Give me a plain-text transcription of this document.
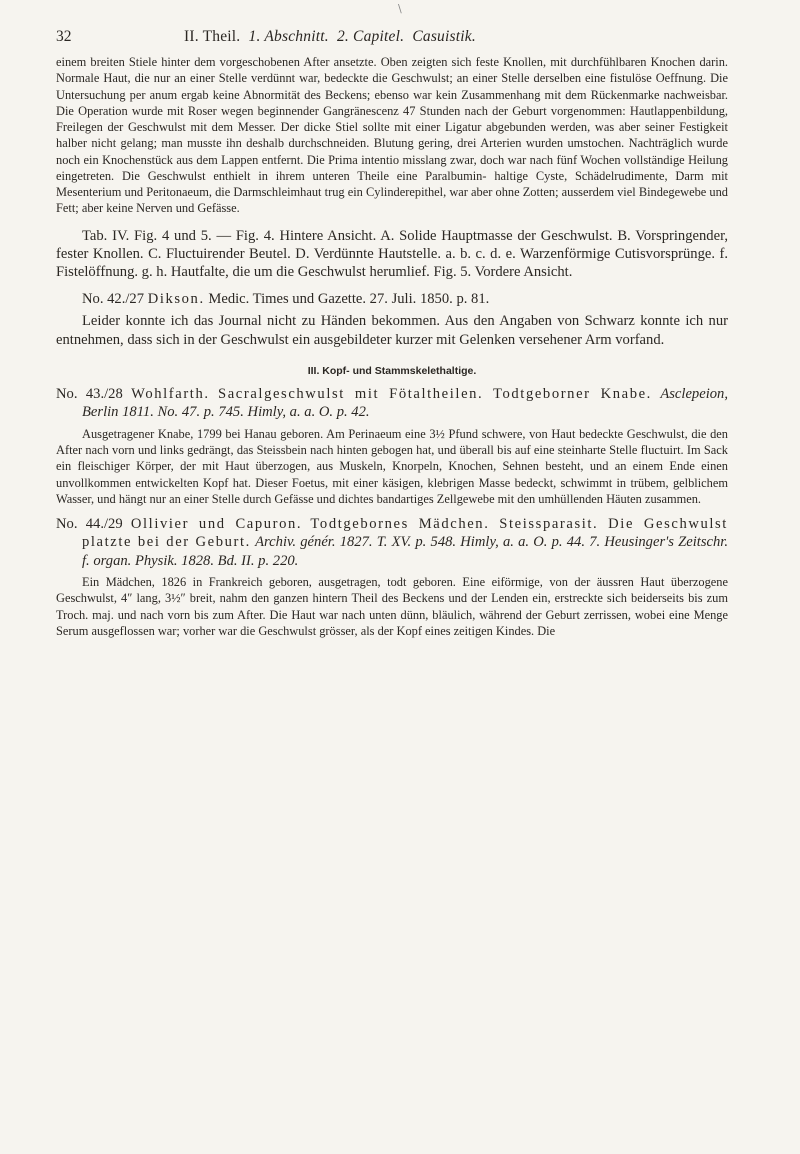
\
32	II. Theil. 1. Abschnitt. 2. Capitel. Casuistik.

einem breiten Stiele hinter dem vorgeschobenen After ansetzte. Oben zeigten sich feste Knollen, mit durchfühlbaren Knochen darin. Normale Haut, die nur an einer Stelle verdünnt war, bedeckte die Geschwulst; an einer Stelle derselben eine fistulöse Oeffnung. Die Untersuchung per anum ergab keine Abnormität des Beckens; ebenso war kein Zusammenhang mit dem Rückenmarke nachweisbar. Die Operation wurde mit Roser wegen beginnender Gangränescenz 47 Stunden nach der Geburt vorgenommen: Hautlappenbildung, Freilegen der Geschwulst mit dem Messer. Der dicke Stiel sollte mit einer Ligatur abgebunden werden, was aber seiner Festigkeit halber nicht gelang; man musste ihn deshalb durchschneiden. Blutung gering, drei Arterien wurden umstochen. Nachträglich wurde noch ein Knochenstück aus dem Lappen entfernt. Die Prima intentio misslang zwar, doch war nach fünf Wochen vollständige Heilung eingetreten. Die Geschwulst enthielt in ihrem unteren Theile eine Paralbumin- haltige Cyste, Schädelrudimente, Darm mit Mesenterium und Peritonaeum, die Darmschleimhaut trug ein Cylinderepithel, war aber ohne Zotten; ausserdem viel Bindegewebe und Fett; aber keine Nerven und Gefässe.

Tab. IV. Fig. 4 und 5. — Fig. 4. Hintere Ansicht. A. Solide Hauptmasse der Geschwulst. B. Vorspringender, fester Knollen. C. Fluctuirender Beutel. D. Verdünnte Hautstelle. a. b. c. d. e. Warzenförmige Cutisvorsprünge. f. Fistelöffnung. g. h. Hautfalte, die um die Geschwulst herumlief. Fig. 5. Vordere Ansicht.

No. 42./27 Dikson. Medic. Times und Gazette. 27. Juli. 1850. p. 81.

Leider konnte ich das Journal nicht zu Händen bekommen. Aus den Angaben von Schwarz konnte ich nur entnehmen, dass sich in der Geschwulst ein ausgebildeter kurzer mit Gelenken versehener Arm vorfand.

III. Kopf- und Stammskelethaltige.

No. 43./28 Wohlfarth. Sacralgeschwulst mit Fötaltheilen. Todtgeborner Knabe. Asclepeion, Berlin 1811. No. 47. p. 745. Himly, a. a. O. p. 42.

Ausgetragener Knabe, 1799 bei Hanau geboren. Am Perinaeum eine 3½ Pfund schwere, von Haut bedeckte Geschwulst, die den After nach vorn und links gedrängt, das Steissbein nach hinten gebogen hat, und überall bis auf eine steinharte Stelle fluctuirt. Im Sack ein fleischiger Körper, der mit Haut überzogen, aus Muskeln, Knorpeln, Knochen, Sehnen besteht, und an einem Ende einen unvollkommen entwickelten Kopf hat. Dieser Foetus, mit einer käsigen, klebrigen Masse bedeckt, schwimmt in trübem, gelblichem Wasser, und hängt nur an einer Stelle durch Gefässe und dichtes bandartiges Zellgewebe mit den umhüllenden Häuten zusammen.

No. 44./29 Ollivier und Capuron. Todtgebornes Mädchen. Steissparasit. Die Geschwulst platzte bei der Geburt. Archiv. génér. 1827. T. XV. p. 548. Himly, a. a. O. p. 44. 7. Heusinger's Zeitschr. f. organ. Physik. 1828. Bd. II. p. 220.

Ein Mädchen, 1826 in Frankreich geboren, ausgetragen, todt geboren. Eine eiförmige, von der äussren Haut überzogene Geschwulst, 4″ lang, 3½″ breit, nahm den ganzen hintern Theil des Beckens und der Lenden ein, erstreckte sich beiderseits bis zum Troch. maj. und nach vorn bis zum After. Die Haut war nach unten dünn, bläulich, während der Geburt zerrissen, wobei eine Menge Serum ausgeflossen war; vorher war die Geschwulst grösser, als der Kopf eines zeitigen Kindes. Die
